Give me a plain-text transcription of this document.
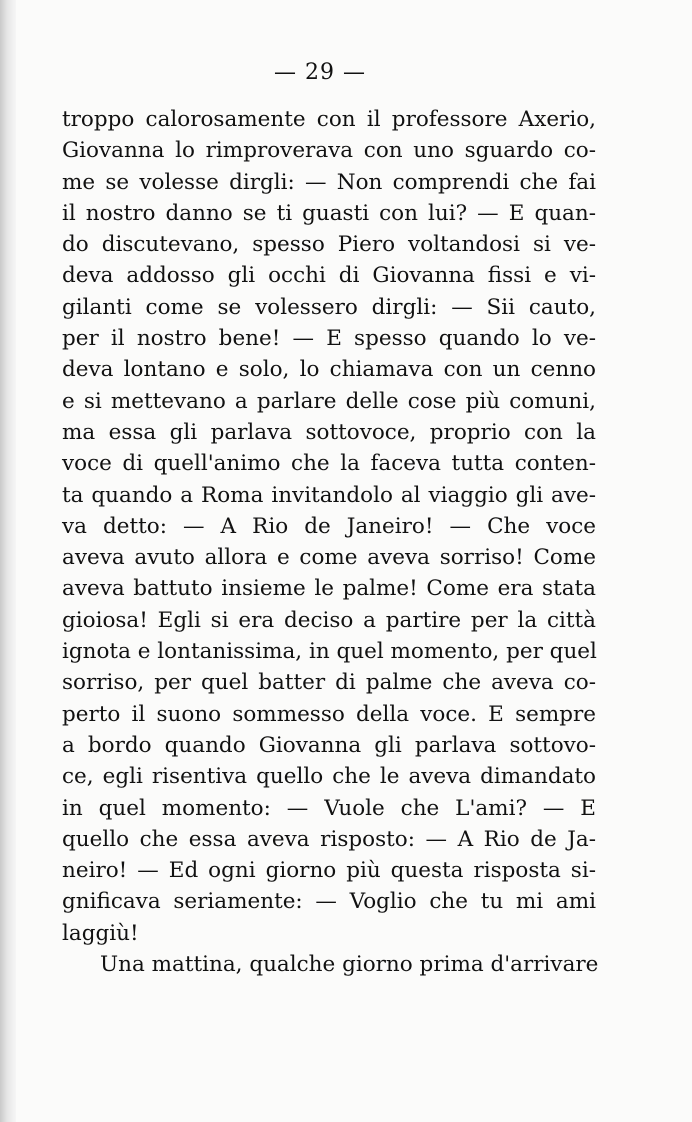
— 29 —
troppo calorosamente con il professore Axerio,
Giovanna lo rimproverava con uno sguardo co-
me se volesse dirgli: — Non comprendi che fai
il nostro danno se ti guasti con lui? — E quan-
do discutevano, spesso Piero voltandosi si ve-
deva addosso gli occhi di Giovanna fissi e vi-
gilanti come se volessero dirgli: — Sii cauto,
per il nostro bene! — E spesso quando lo ve-
deva lontano e solo, lo chiamava con un cenno
e si mettevano a parlare delle cose più comuni,
ma essa gli parlava sottovoce, proprio con la
voce di quell'animo che la faceva tutta conten-
ta quando a Roma invitandolo al viaggio gli ave-
va detto: — A Rio de Janeiro! — Che voce
aveva avuto allora e come aveva sorriso! Come
aveva battuto insieme le palme! Come era stata
gioiosa! Egli si era deciso a partire per la città
ignota e lontanissima, in quel momento, per quel
sorriso, per quel batter di palme che aveva co-
perto il suono sommesso della voce. E sempre
a bordo quando Giovanna gli parlava sottovo-
ce, egli risentiva quello che le aveva dimandato
in quel momento: — Vuole che L'ami? — E
quello che essa aveva risposto: — A Rio de Ja-
neiro! — Ed ogni giorno più questa risposta si-
gnificava seriamente: — Voglio che tu mi ami
laggiù!
Una mattina, qualche giorno prima d'arrivare
